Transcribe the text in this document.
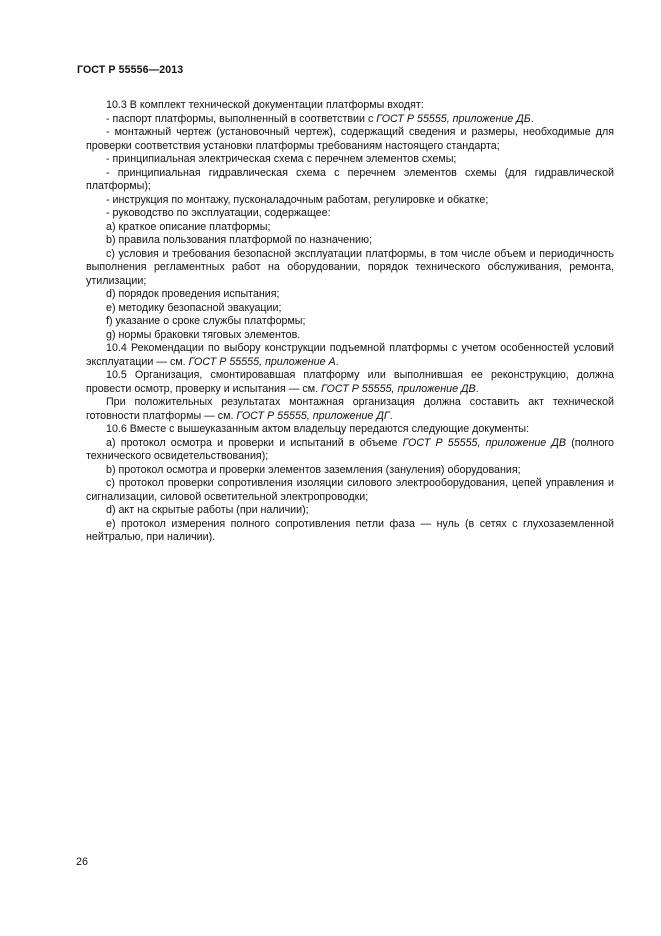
ГОСТ Р 55556—2013

10.3 В комплект технической документации платформы входят:

- паспорт платформы, выполненный в соответствии с ГОСТ Р 55555, приложение ДБ.

- монтажный чертеж (установочный чертеж), содержащий сведения и размеры, необходимые для проверки соответствия установки платформы требованиям настоящего стандарта;

- принципиальная электрическая схема с перечнем элементов схемы;

- принципиальная гидравлическая схема с перечнем элементов схемы (для гидравлической платформы);

- инструкция по монтажу, пусконаладочным работам, регулировке и обкатке;

- руководство по эксплуатации, содержащее:

a) краткое описание платформы;

b) правила пользования платформой по назначению;

c) условия и требования безопасной эксплуатации платформы, в том числе объем и периодичность выполнения регламентных работ на оборудовании, порядок технического обслуживания, ремонта, утилизации;

d) порядок проведения испытания;

e) методику безопасной эвакуации;

f) указание о сроке службы платформы;

g) нормы браковки тяговых элементов.

10.4 Рекомендации по выбору конструкции подъемной платформы с учетом особенностей условий эксплуатации — см. ГОСТ Р 55555, приложение А.

10.5 Организация, смонтировавшая платформу или выполнившая ее реконструкцию, должна провести осмотр, проверку и испытания — см. ГОСТ Р 55555, приложение ДВ.

При положительных результатах монтажная организация должна составить акт технической готовности платформы — см. ГОСТ Р 55555, приложение ДГ.

10.6 Вместе с вышеуказанным актом владельцу передаются следующие документы:

a) протокол осмотра и проверки и испытаний в объеме ГОСТ Р 55555, приложение ДВ (полного технического освидетельствования);

b) протокол осмотра и проверки элементов заземления (зануления) оборудования;

c) протокол проверки сопротивления изоляции силового электрооборудования, цепей управления и сигнализации, силовой осветительной электропроводки;

d) акт на скрытые работы (при наличии);

e) протокол измерения полного сопротивления петли фаза — нуль (в сетях с глухозаземленной нейтралью, при наличии).

26
